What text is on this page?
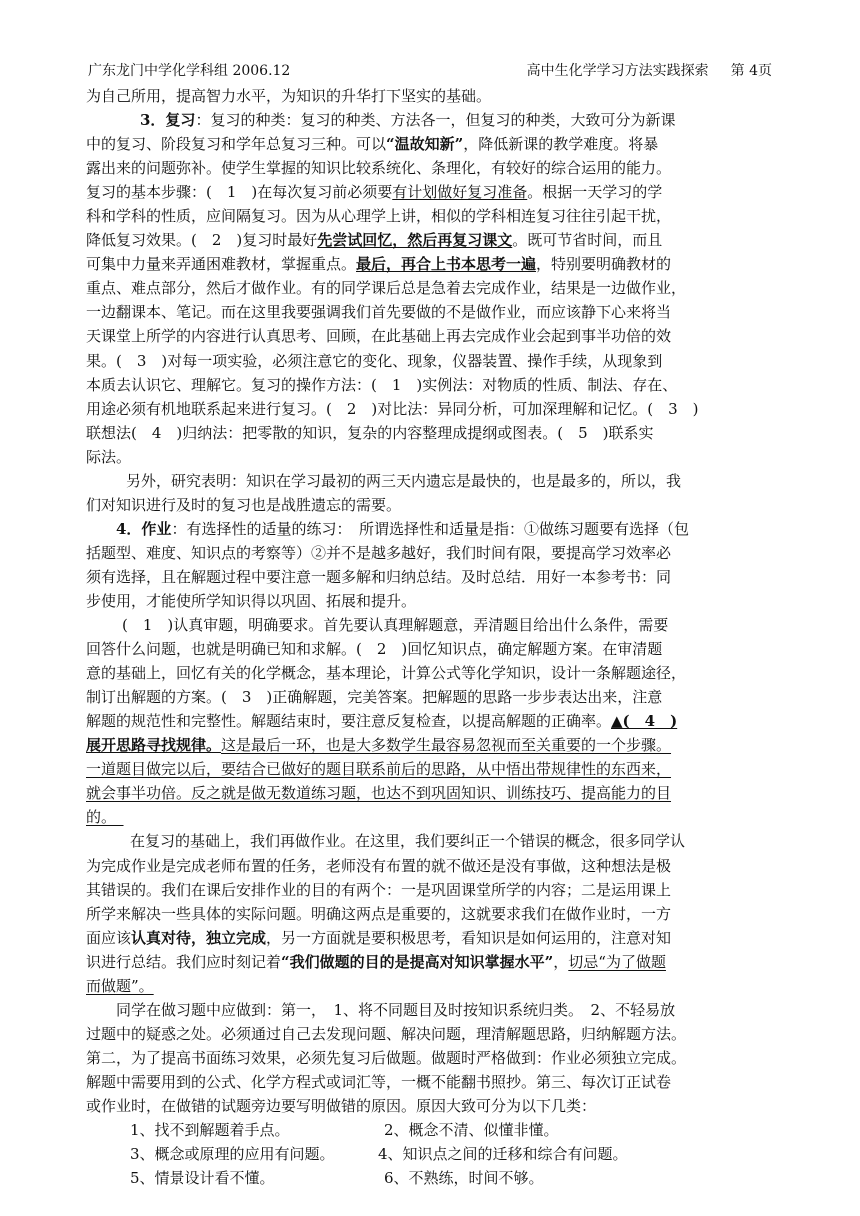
广东龙门中学化学科组 2006.12	高中生化学学习方法实践探索 第 4页
为自己所用，提高智力水平，为知识的升华打下坚实的基础。
3．复习：复习的种类：复习的种类、方法各一，但复习的种类，大致可分为新课
中的复习、阶段复习和学年总复习三种。可以“温故知新”，降低新课的教学难度。将暴
露出来的问题弥补。使学生掌握的知识比较系统化、条理化，有较好的综合运用的能力。
复习的基本步骤：(　1　)在每次复习前必须要有计划做好复习准备。根据一天学习的学
科和学科的性质，应间隔复习。因为从心理学上讲，相似的学科相连复习往往引起干扰，
降低复习效果。(　2　)复习时最好先尝试回忆，然后再复习课文。既可节省时间，而且
可集中力量来弄通困难教材，掌握重点。最后，再合上书本思考一遍，特别要明确教材的
重点、难点部分，然后才做作业。有的同学课后总是急着去完成作业，结果是一边做作业，
一边翻课本、笔记。而在这里我要强调我们首先要做的不是做作业，而应该静下心来将当
天课堂上所学的内容进行认真思考、回顾，在此基础上再去完成作业会起到事半功倍的效
果。(　3　)对每一项实验，必须注意它的变化、现象，仪器装置、操作手续，从现象到
本质去认识它、理解它。复习的操作方法：(　1　)实例法：对物质的性质、制法、存在、
用途必须有机地联系起来进行复习。(　2　)对比法：异同分析，可加深理解和记忆。(　3　)
联想法(　4　)归纳法：把零散的知识，复杂的内容整理成提纲或图表。(　5　)联系实
际法。
另外，研究表明：知识在学习最初的两三天内遗忘是最快的，也是最多的，所以，我
们对知识进行及时的复习也是战胜遗忘的需要。
4．作业：有选择性的适量的练习：　所谓选择性和适量是指：①做练习题要有选择（包
括题型、难度、知识点的考察等）②并不是越多越好，我们时间有限，要提高学习效率必
须有选择，且在解题过程中要注意一题多解和归纳总结。及时总结．用好一本参考书：同
步使用，才能使所学知识得以巩固、拓展和提升。
(　1　)认真审题，明确要求。首先要认真理解题意，弄清题目给出什么条件，需要
回答什么问题，也就是明确已知和求解。(　2　)回忆知识点，确定解题方案。在审清题
意的基础上，回忆有关的化学概念，基本理论，计算公式等化学知识，设计一条解题途径，
制订出解题的方案。(　3　)正确解题，完美答案。把解题的思路一步步表达出来，注意
解题的规范性和完整性。解题结束时，要注意反复检查，以提高解题的正确率。▲(　4　)
展开思路寻找规律。这是最后一环，也是大多数学生最容易忽视而至关重要的一个步骤。
一道题目做完以后，要结合已做好的题目联系前后的思路，从中悟出带规律性的东西来，
就会事半功倍。反之就是做无数道练习题，也达不到巩固知识、训练技巧、提高能力的目
的。　
在复习的基础上，我们再做作业。在这里，我们要纠正一个错误的概念，很多同学认
为完成作业是完成老师布置的任务，老师没有布置的就不做还是没有事做，这种想法是极
其错误的。我们在课后安排作业的目的有两个：一是巩固课堂所学的内容；二是运用课上
所学来解决一些具体的实际问题。明确这两点是重要的，这就要求我们在做作业时，一方
面应该认真对待，独立完成，另一方面就是要积极思考，看知识是如何运用的，注意对知
识进行总结。我们应时刻记着“我们做题的目的是提高对知识掌握水平”，切忌“为了做题
而做题”。
同学在做习题中应做到：第一，　1、将不同题目及时按知识系统归类。　2、不轻易放
过题中的疑惑之处。必须通过自己去发现问题、解决问题，理清解题思路，归纳解题方法。
第二，为了提高书面练习效果，必须先复习后做题。做题时严格做到：作业必须独立完成。
解题中需要用到的公式、化学方程式或词汇等，一概不能翻书照抄。第三、每次订正试卷
或作业时，在做错的试题旁边要写明做错的原因。原因大致可分为以下几类：
1、找不到解题着手点。	2、概念不清、似懂非懂。
3、概念或原理的应用有问题。	4、知识点之间的迁移和综合有问题。
5、情景设计看不懂。	6、不熟练，时间不够。
